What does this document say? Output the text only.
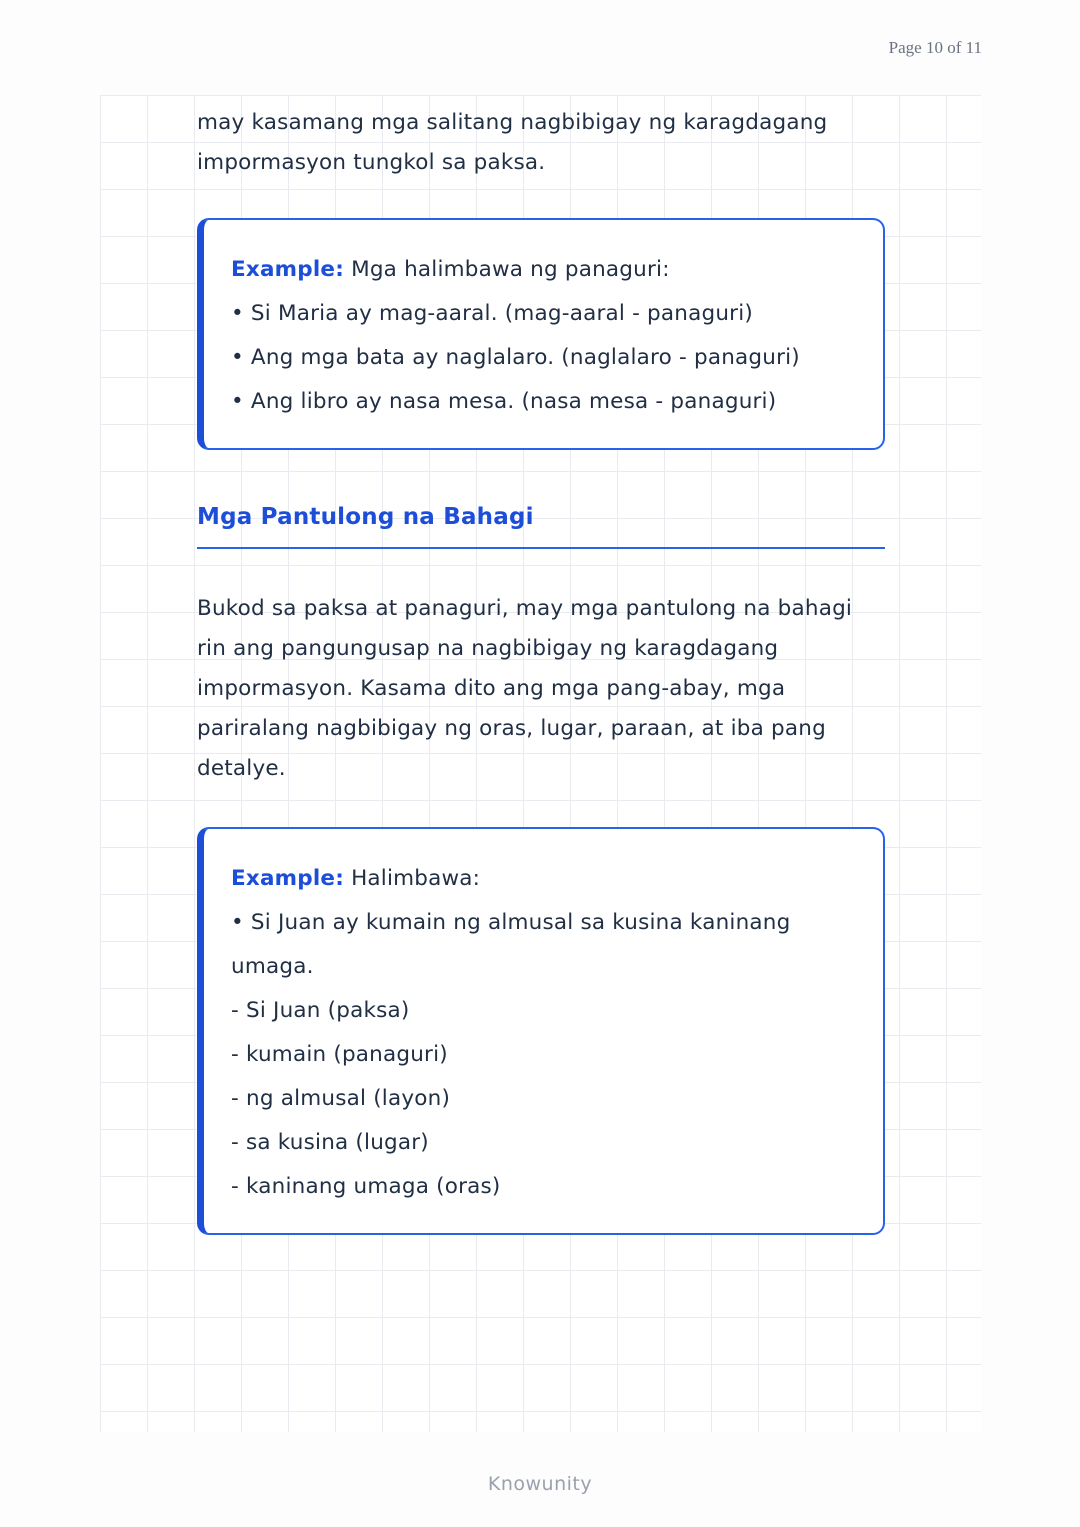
Page 10 of 11

may kasamang mga salitang nagbibigay ng karagdagang impormasyon tungkol sa paksa.

Example: Mga halimbawa ng panaguri:

• Si Maria ay mag-aaral. (mag-aaral - panaguri)

• Ang mga bata ay naglalaro. (naglalaro - panaguri)

• Ang libro ay nasa mesa. (nasa mesa - panaguri)

Mga Pantulong na Bahagi

Bukod sa paksa at panaguri, may mga pantulong na bahagi rin ang pangungusap na nagbibigay ng karagdagang impormasyon. Kasama dito ang mga pang-abay, mga pariralang nagbibigay ng oras, lugar, paraan, at iba pang detalye.

Example: Halimbawa:

• Si Juan ay kumain ng almusal sa kusina kaninang umaga.

- Si Juan (paksa)

- kumain (panaguri)

- ng almusal (layon)

- sa kusina (lugar)

- kaninang umaga (oras)

Knowunity
